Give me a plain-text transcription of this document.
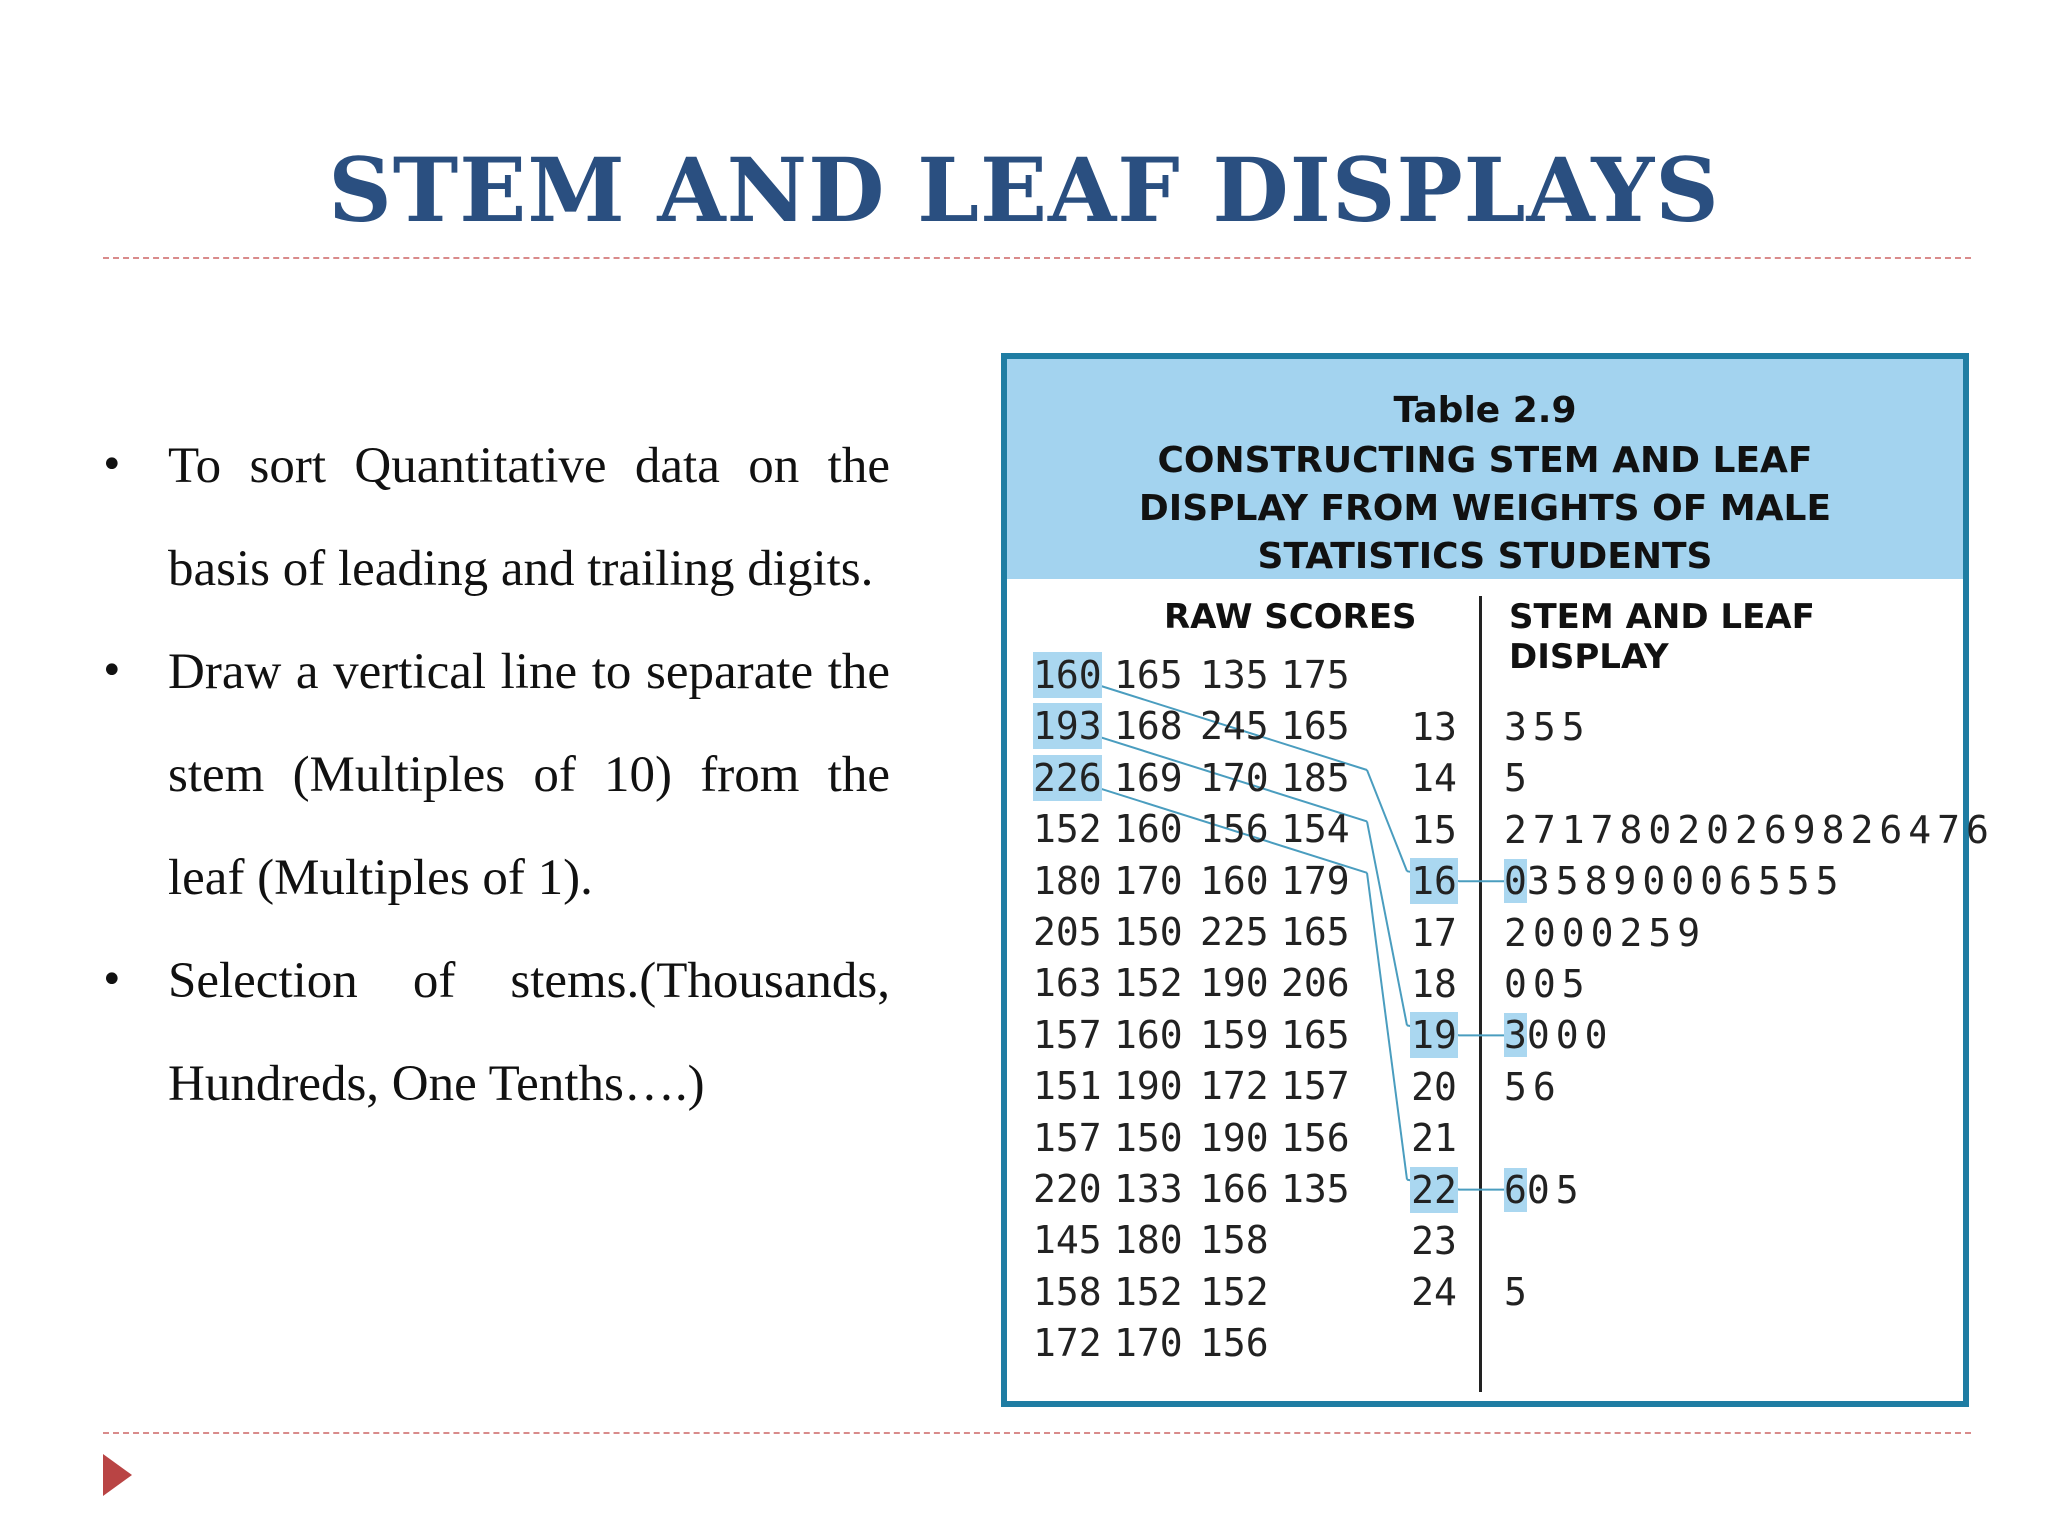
STEM AND LEAF DISPLAYS
• To sort Quantitative data on the basis of leading and trailing digits.
• Draw a vertical line to separate the stem (Multiples of 10) from the leaf (Multiples of 1).
• Selection of stems.(Thousands, Hundreds, One Tenths….)
Table 2.9
CONSTRUCTING STEM AND LEAF DISPLAY FROM WEIGHTS OF MALE STATISTICS STUDENTS
RAW SCORES	STEM AND LEAF DISPLAY
160 165 135 175
193 168 245 165
226 169 170 185
152 160 156 154
180 170 160 179
205 150 225 165
163 152 190 206
157 160 159 165
151 190 172 157
157 150 190 156
220 133 166 135
145 180 158
158 152 152
172 170 156
13 355
14 5
15 27178020269826476
16 035890006555
17 2000259
18 005
19 3000
20 56
21
22 605
23
24 5
